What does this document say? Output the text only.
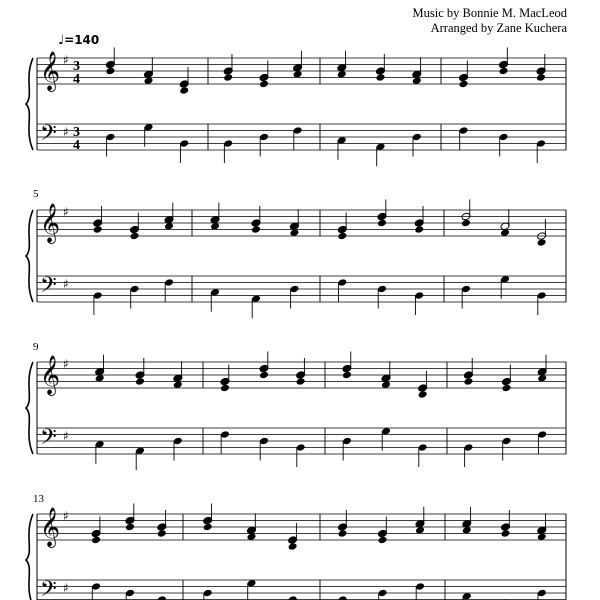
Music by Bonnie M. MacLeod
Arranged by Zane Kuchera
♩=140
5
9
13
𝄞
𝄢
♯
♯
3
4
3
4
𝄞
𝄢
♯
♯
𝄞
𝄢
♯
♯
𝄞
𝄢
♯
♯
